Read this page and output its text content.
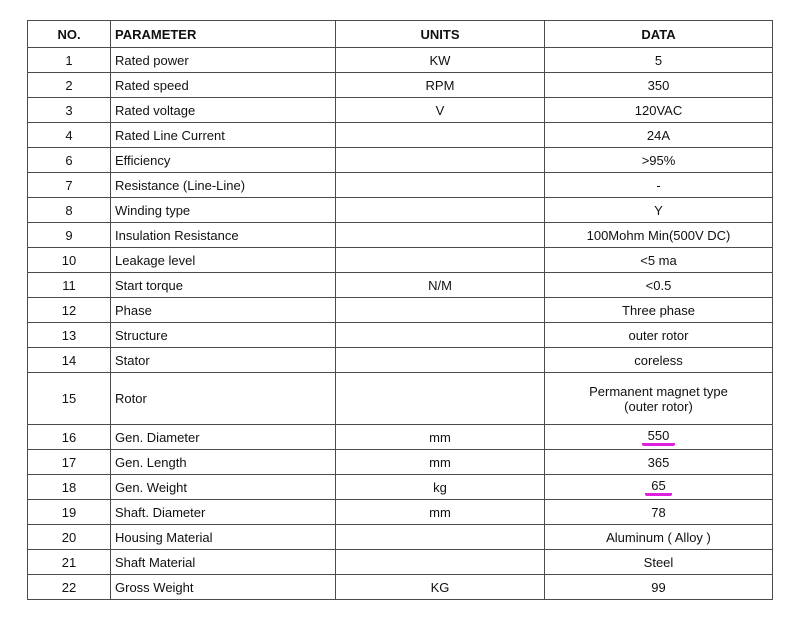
NO.	PARAMETER	UNITS	DATA
1	Rated power	KW	5
2	Rated speed	RPM	350
3	Rated voltage	V	120VAC
4	Rated Line Current		24A
6	Efficiency		>95%
7	Resistance (Line-Line)		-
8	Winding type		Y
9	Insulation Resistance		100Mohm Min(500V DC)
10	Leakage level		<5 ma
11	Start torque	N/M	<0.5
12	Phase		Three phase
13	Structure		outer rotor
14	Stator		coreless
15	Rotor		Permanent magnet type
(outer rotor)
16	Gen. Diameter	mm	550
17	Gen. Length	mm	365
18	Gen. Weight	kg	65
19	Shaft. Diameter	mm	78
20	Housing Material		Aluminum ( Alloy )
21	Shaft Material		Steel
22	Gross Weight	KG	99
